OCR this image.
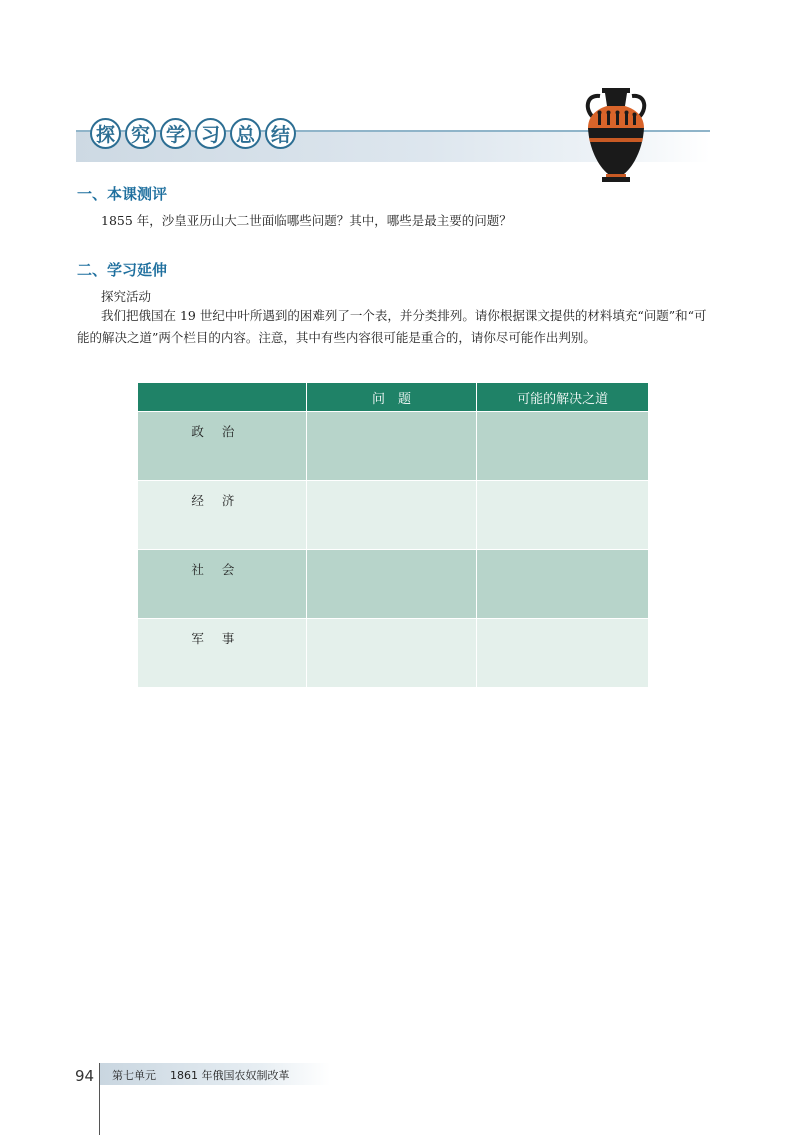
探 究 学 习 总 结
一、本课测评
1855 年，沙皇亚历山大二世面临哪些问题？其中，哪些是最主要的问题？
二、学习延伸
探究活动
我们把俄国在 19 世纪中叶所遇到的困难列了一个表，并分类排列。请你根据课文提供的材料填充“问题”和“可能的解决之道”两个栏目的内容。注意，其中有些内容很可能是重合的，请你尽可能作出判别。
	问　题	可能的解决之道
政治		
经济		
社会		
军事		
94 第七单元 1861 年俄国农奴制改革
